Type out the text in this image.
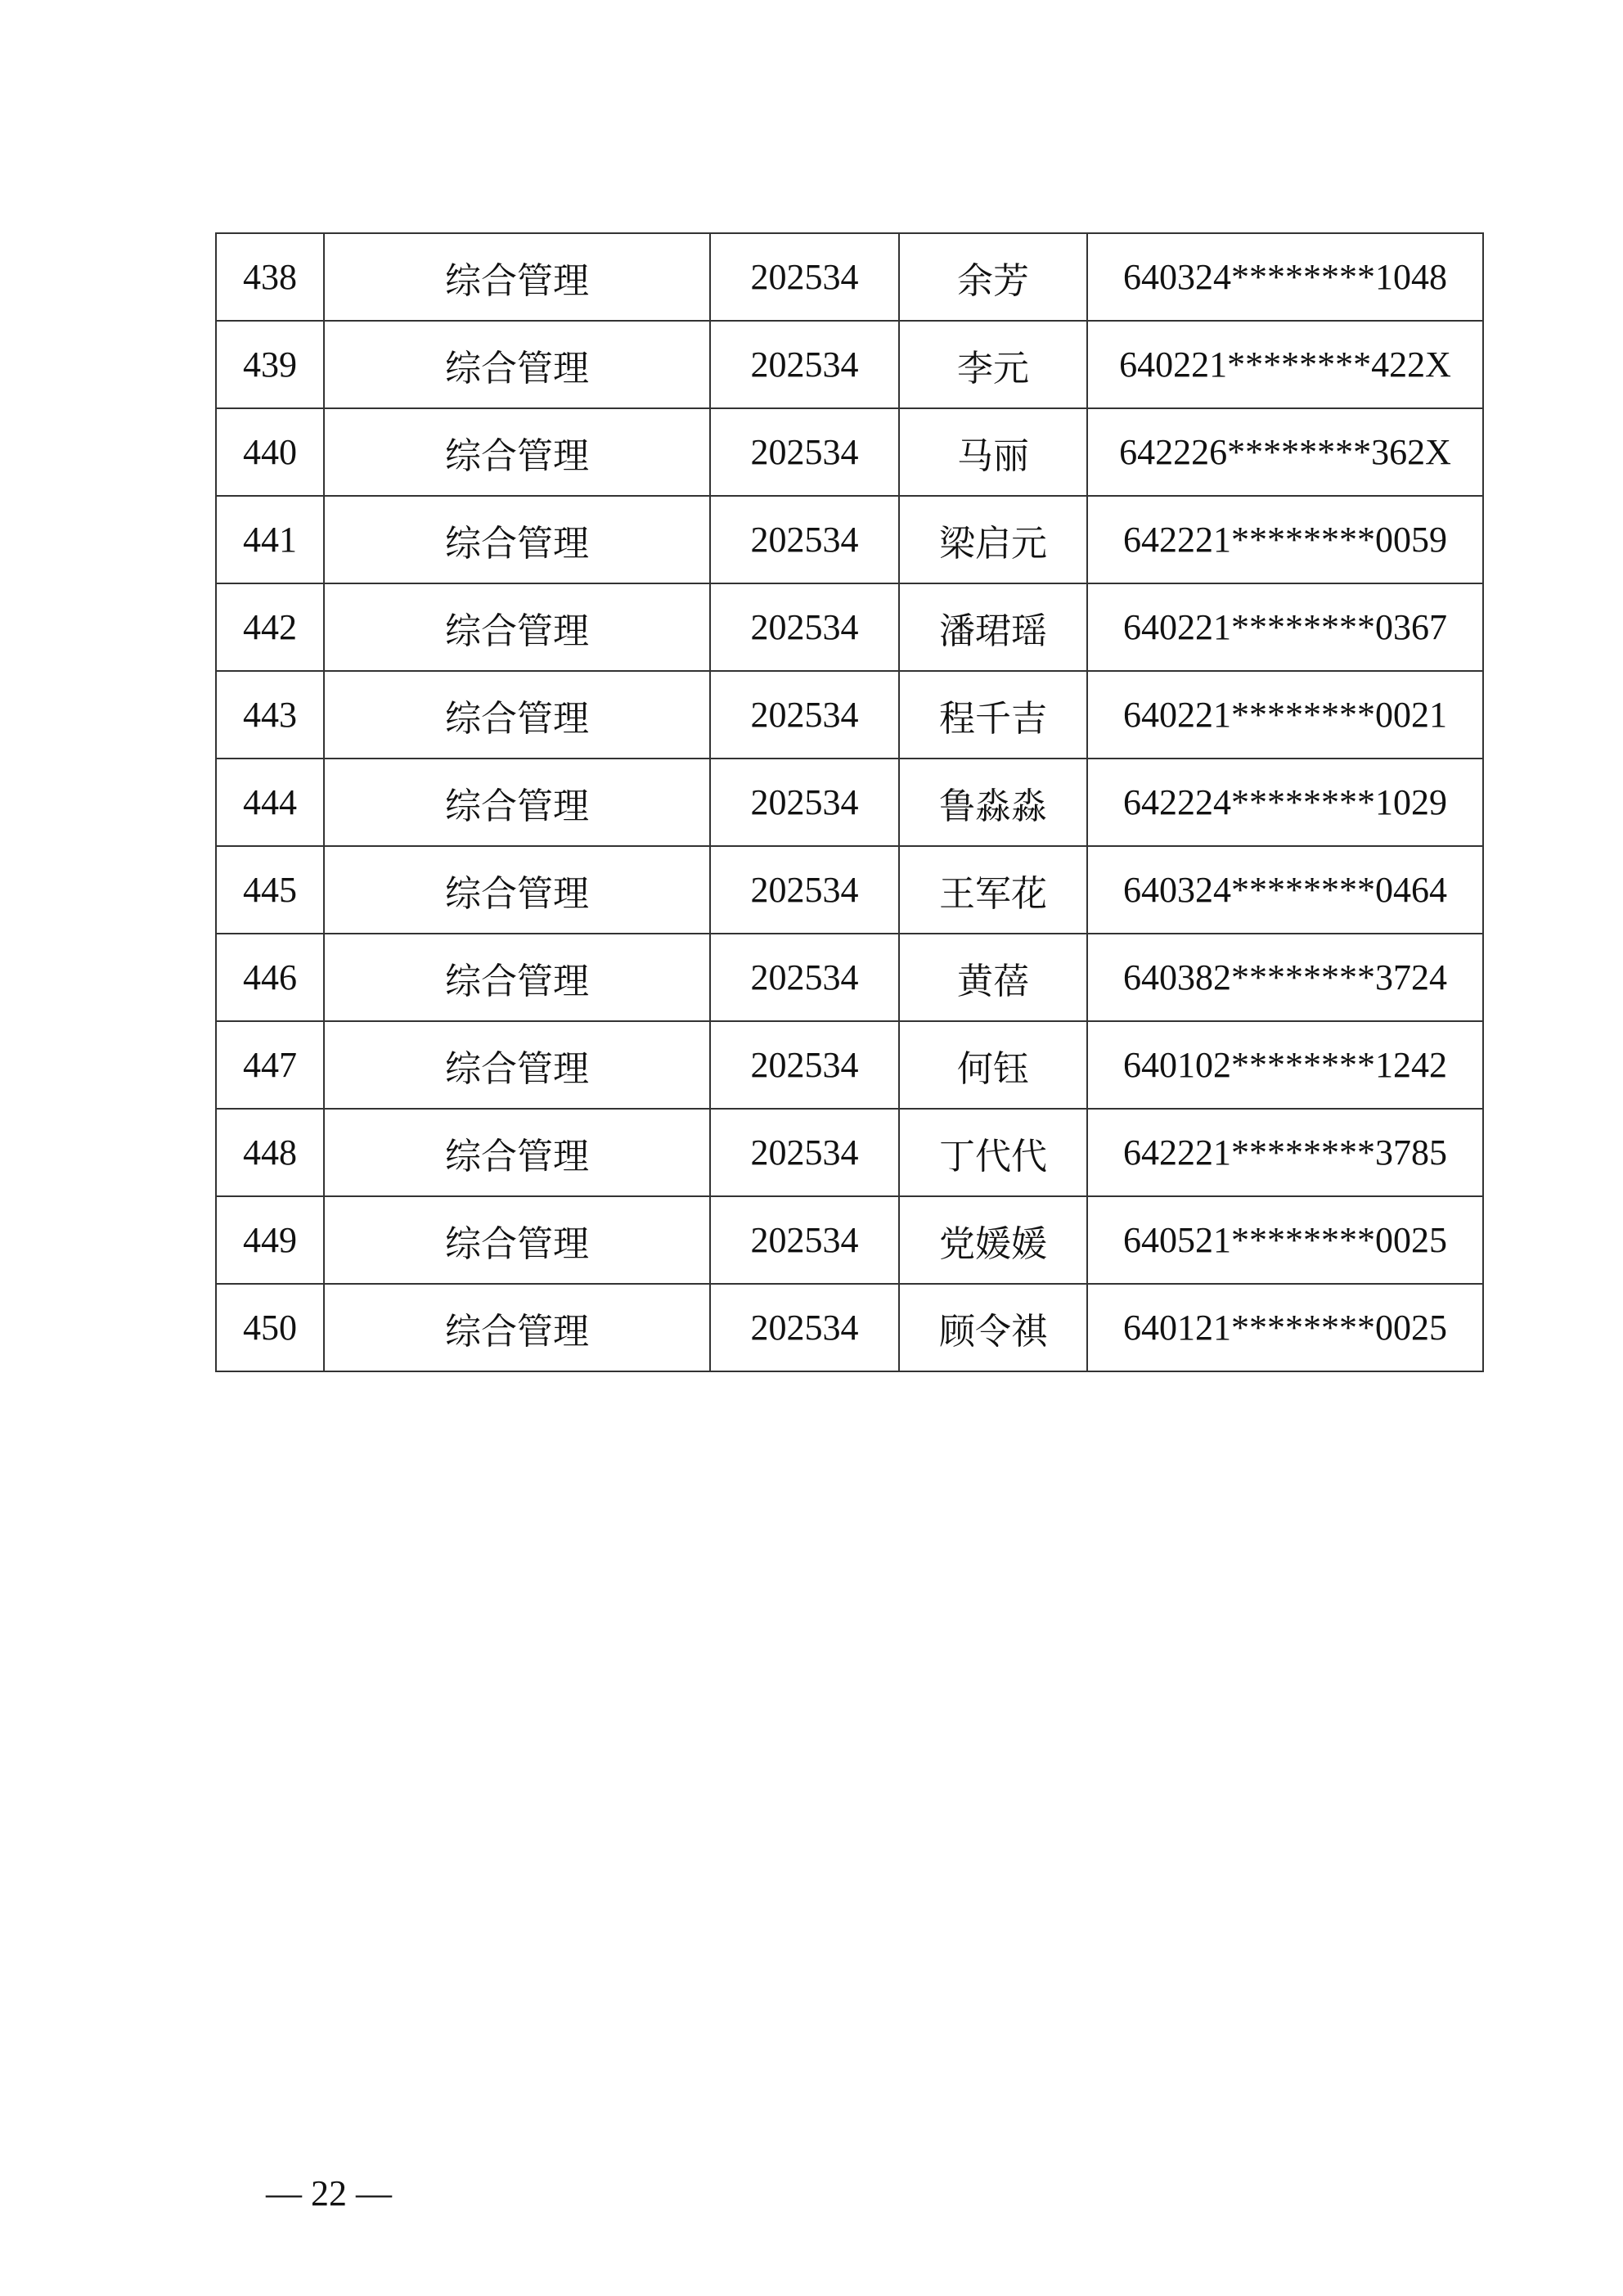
438	综合管理	202534	余芳	640324********1048
439	综合管理	202534	李元	640221********422X
440	综合管理	202534	马丽	642226********362X
441	综合管理	202534	梁启元	642221********0059
442	综合管理	202534	潘珺瑶	640221********0367
443	综合管理	202534	程千吉	640221********0021
444	综合管理	202534	鲁淼淼	642224********1029
445	综合管理	202534	王军花	640324********0464
446	综合管理	202534	黄蓓	640382********3724
447	综合管理	202534	何钰	640102********1242
448	综合管理	202534	丁代代	642221********3785
449	综合管理	202534	党媛媛	640521********0025
450	综合管理	202534	顾令祺	640121********0025
— 22 —
